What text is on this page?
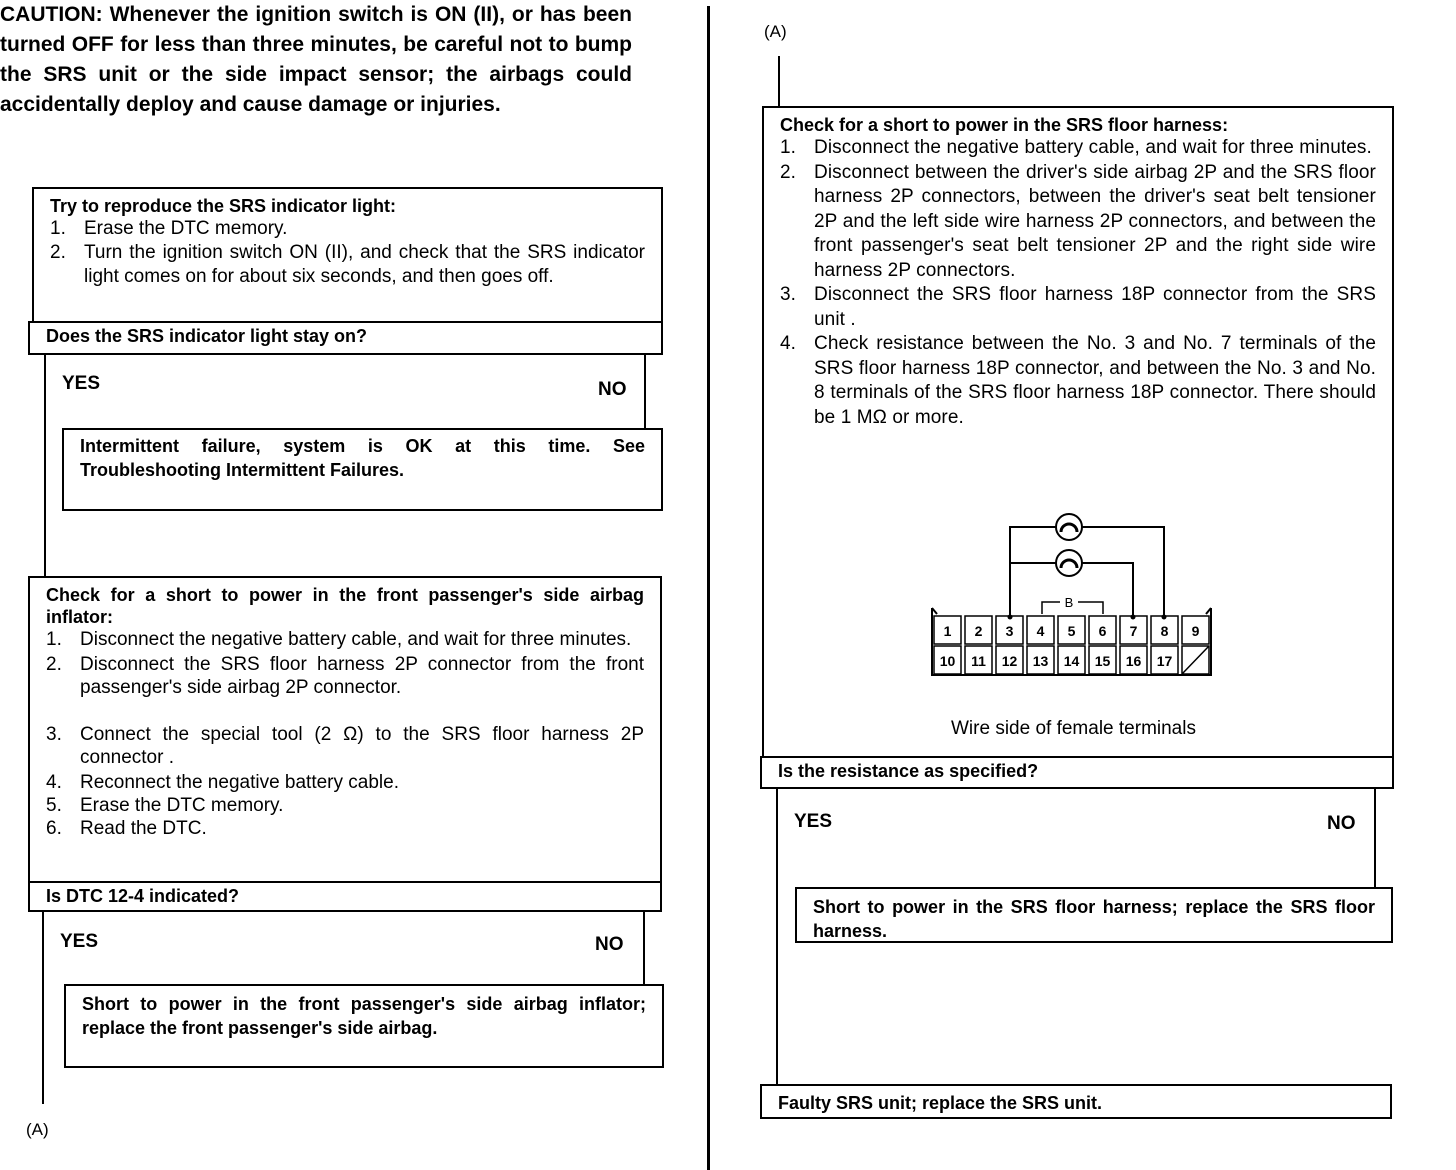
CAUTION: Whenever the ignition switch is ON (II), or has been turned OFF for less than three minutes, be careful not to bump the SRS unit or the side impact sensor; the airbags could accidentally deploy and cause damage or injuries.
Try to reproduce the SRS indicator light:
1. Erase the DTC memory.
2. Turn the ignition switch ON (II), and check that the SRS indicator light comes on for about six seconds, and then goes off.
Does the SRS indicator light stay on?
YES	NO
Intermittent failure, system is OK at this time. See Troubleshooting Intermittent Failures.
Check for a short to power in the front passenger's side airbag inflator:
1. Disconnect the negative battery cable, and wait for three minutes.
2. Disconnect the SRS floor harness 2P connector from the front passenger's side airbag 2P connector.
3. Connect the special tool (2 Ω) to the SRS floor harness 2P connector .
4. Reconnect the negative battery cable.
5. Erase the DTC memory.
6. Read the DTC.
Is DTC 12-4 indicated?
YES	NO
Short to power in the front passenger's side airbag inflator; replace the front passenger's side airbag.
(A)
(A)
Check for a short to power in the SRS floor harness:
1. Disconnect the negative battery cable, and wait for three minutes.
2. Disconnect between the driver's side airbag 2P and the SRS floor harness 2P connectors, between the driver's seat belt tensioner 2P and the left side wire harness 2P connectors, and between the front passenger's seat belt tensioner 2P and the right side wire harness 2P connectors.
3. Disconnect the SRS floor harness 18P connector from the SRS unit .
4. Check resistance between the No. 3 and No. 7 terminals of the SRS floor harness 18P connector, and between the No. 3 and No. 8 terminals of the SRS floor harness 18P connector. There should be 1 MΩ or more.
B
1 2 3 4 5 6 7 8 9
10 11 12 13 14 15 16 17
Wire side of female terminals
Is the resistance as specified?
YES	NO
Short to power in the SRS floor harness; replace the SRS floor harness.
Faulty SRS unit; replace the SRS unit.
